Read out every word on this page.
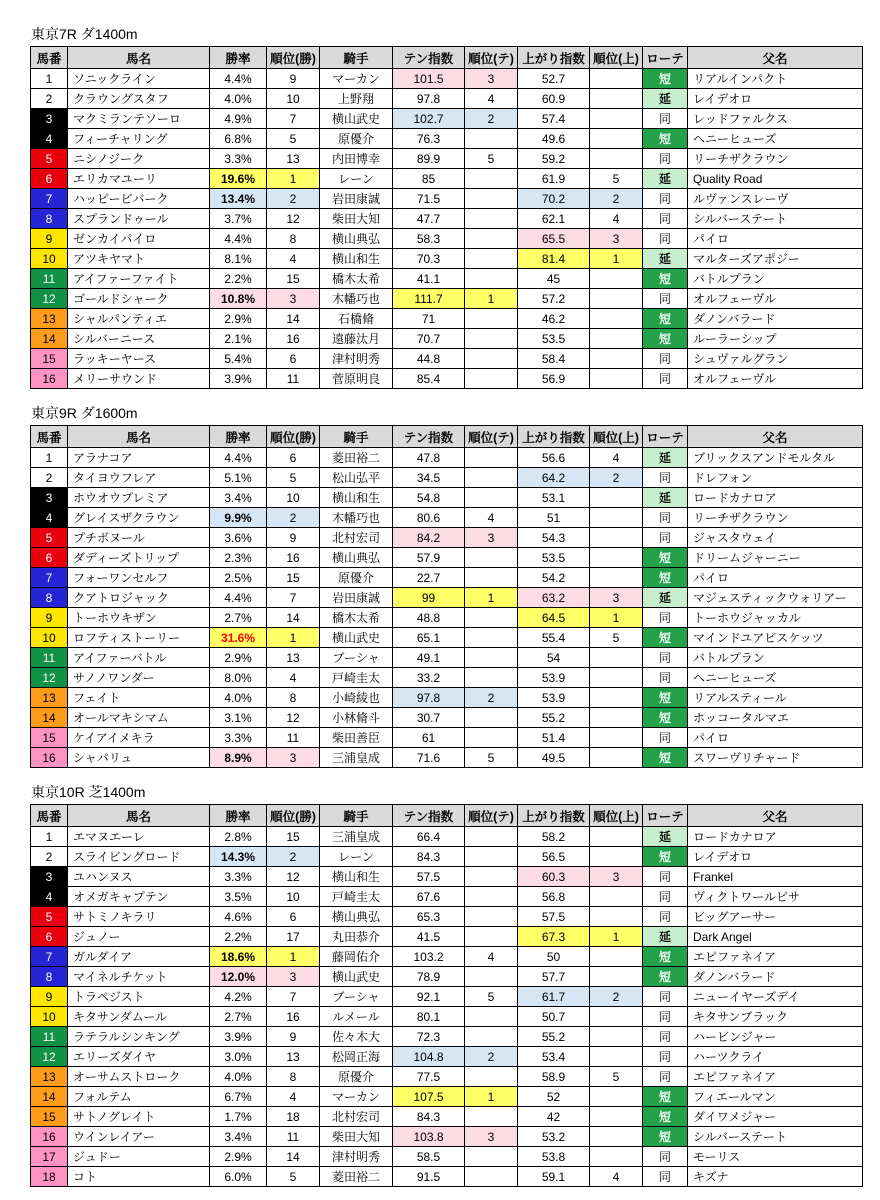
東京7R ダ1400m
馬番	馬名	勝率	順位(勝)	騎手	テン指数	順位(テ)	上がり指数	順位(上)	ローテ	父名
1	ソニックライン	4.4%	9	マーカン	101.5	3	52.7		短	リアルインパクト
2	クラウングスタフ	4.0%	10	上野翔	97.8	4	60.9		延	レイデオロ
3	マクミランテソーロ	4.9%	7	横山武史	102.7	2	57.4		同	レッドファルクス
4	フィーチャリング	6.8%	5	原優介	76.3		49.6		短	ヘニーヒューズ
5	ニシノジーク	3.3%	13	内田博幸	89.9	5	59.2		同	リーチザクラウン
6	エリカマユーリ	19.6%	1	レーン	85		61.9	5	延	Quality Road
7	ハッピービバーク	13.4%	2	岩田康誠	71.5		70.2	2	同	ルヴァンスレーヴ
8	スプランドゥール	3.7%	12	柴田大知	47.7		62.1	4	同	シルバーステート
9	ゼンカイパイロ	4.4%	8	横山典弘	58.3		65.5	3	同	パイロ
10	アツキヤマト	8.1%	4	横山和生	70.3		81.4	1	延	マルターズアポジー
11	アイファーファイト	2.2%	15	橋木太希	41.1		45		短	バトルプラン
12	ゴールドシャーク	10.8%	3	木幡巧也	111.7	1	57.2		同	オルフェーヴル
13	シャルパンティエ	2.9%	14	石橋脩	71		46.2		短	ダノンバラード
14	シルバーニース	2.1%	16	遠藤汰月	70.7		53.5		短	ルーラーシップ
15	ラッキーヤース	5.4%	6	津村明秀	44.8		58.4		同	シュヴァルグラン
16	メリーサウンド	3.9%	11	菅原明良	85.4		56.9		同	オルフェーヴル
東京9R ダ1600m
馬番	馬名	勝率	順位(勝)	騎手	テン指数	順位(テ)	上がり指数	順位(上)	ローテ	父名
1	アラナコア	4.4%	6	菱田裕二	47.8		56.6	4	延	ブリックスアンドモルタル
2	タイヨウフレア	5.1%	5	松山弘平	34.5		64.2	2	同	ドレフォン
3	ホウオウプレミア	3.4%	10	横山和生	54.8		53.1		延	ロードカナロア
4	グレイスザクラウン	9.9%	2	木幡巧也	80.6	4	51		同	リーチザクラウン
5	プチボヌール	3.6%	9	北村宏司	84.2	3	54.3		同	ジャスタウェイ
6	ダディーズトリップ	2.3%	16	横山典弘	57.9		53.5		短	ドリームジャーニー
7	フォーワンセルフ	2.5%	15	原優介	22.7		54.2		短	パイロ
8	クアトロジャック	4.4%	7	岩田康誠	99	1	63.2	3	延	マジェスティックウォリアー
9	トーホウキザン	2.7%	14	橋木太希	48.8		64.5	1	同	トーホウジャッカル
10	ロフティストーリー	31.6%	1	横山武史	65.1		55.4	5	短	マインドユアビスケッツ
11	アイファーバトル	2.9%	13	ブーシャ	49.1		54		同	バトルプラン
12	サノノワンダー	8.0%	4	戸崎圭太	33.2		53.9		同	ヘニーヒューズ
13	フェイト	4.0%	8	小崎綾也	97.8	2	53.9		短	リアルスティール
14	オールマキシマム	3.1%	12	小林脩斗	30.7		55.2		短	ホッコータルマエ
15	ケイアイメキラ	3.3%	11	柴田善臣	61		51.4		同	パイロ
16	シャパリュ	8.9%	3	三浦皇成	71.6	5	49.5		短	スワーヴリチャード
東京10R 芝1400m
馬番	馬名	勝率	順位(勝)	騎手	テン指数	順位(テ)	上がり指数	順位(上)	ローテ	父名
1	エマヌエーレ	2.8%	15	三浦皇成	66.4		58.2		延	ロードカナロア
2	スライビングロード	14.3%	2	レーン	84.3		56.5		短	レイデオロ
3	ユハンヌス	3.3%	12	横山和生	57.5		60.3	3	同	Frankel
4	オメガキャプテン	3.5%	10	戸崎圭太	67.6		56.8		同	ヴィクトワールピサ
5	サトミノキラリ	4.6%	6	横山典弘	65.3		57.5		同	ビッグアーサー
6	ジュノー	2.2%	17	丸田恭介	41.5		67.3	1	延	Dark Angel
7	ガルダイア	18.6%	1	藤岡佑介	103.2	4	50		短	エピファネイア
8	マイネルチケット	12.0%	3	横山武史	78.9		57.7		短	ダノンバラード
9	トラペジスト	4.2%	7	ブーシャ	92.1	5	61.7	2	同	ニューイヤーズデイ
10	キタサンダムール	2.7%	16	ルメール	80.1		50.7		同	キタサンブラック
11	ラテラルシンキング	3.9%	9	佐々木大	72.3		55.2		同	ハービンジャー
12	エリーズダイヤ	3.0%	13	松岡正海	104.8	2	53.4		同	ハーツクライ
13	オーサムストローク	4.0%	8	原優介	77.5		58.9	5	同	エピファネイア
14	フォルテム	6.7%	4	マーカン	107.5	1	52		短	フィエールマン
15	サトノグレイト	1.7%	18	北村宏司	84.3		42		短	ダイワメジャー
16	ウインレイアー	3.4%	11	柴田大知	103.8	3	53.2		短	シルバーステート
17	ジュドー	2.9%	14	津村明秀	58.5		53.8		同	モーリス
18	コト	6.0%	5	菱田裕二	91.5		59.1	4	同	キズナ
